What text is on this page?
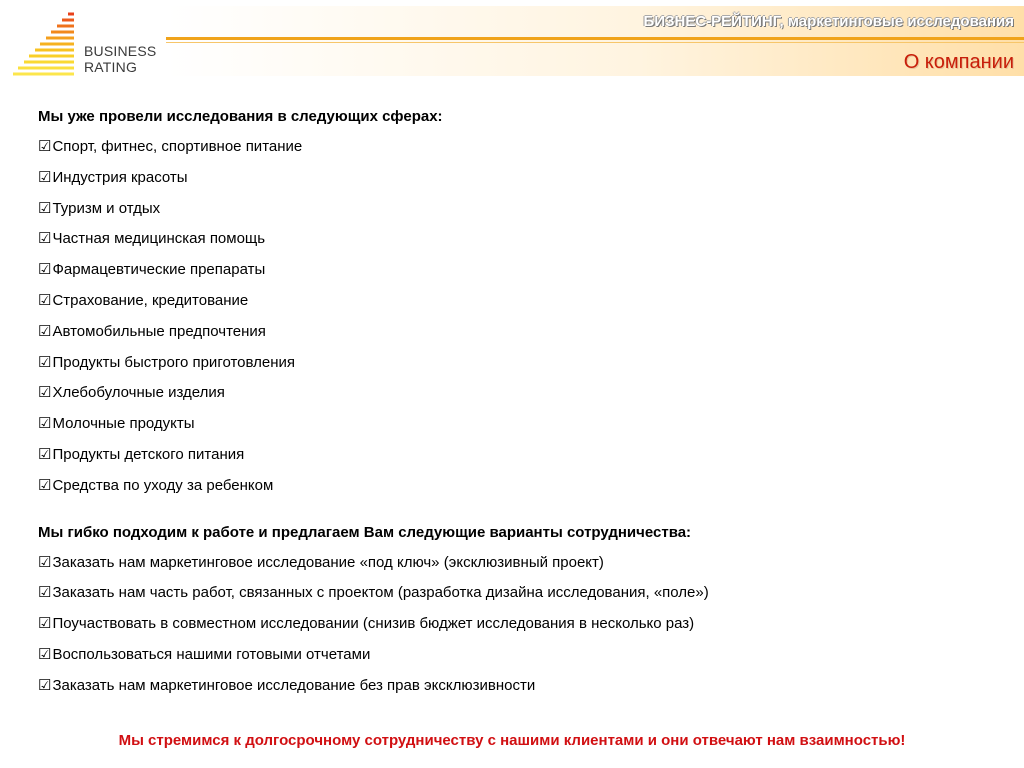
BUSINESS
RATING
БИЗНЕС-РЕЙТИНГ, маркетинговые исследования
О компании
Мы уже провели исследования в следующих сферах:
☑Спорт, фитнес, спортивное питание
☑Индустрия красоты
☑Туризм и отдых
☑Частная медицинская помощь
☑Фармацевтические препараты
☑Страхование, кредитование
☑Автомобильные предпочтения
☑Продукты быстрого приготовления
☑Хлебобулочные изделия
☑Молочные продукты
☑Продукты детского питания
☑Средства по уходу за ребенком
Мы гибко подходим к работе и предлагаем Вам следующие варианты сотрудничества:
☑Заказать нам маркетинговое исследование «под ключ» (эксклюзивный проект)
☑Заказать нам часть работ, связанных с проектом (разработка дизайна исследования, «поле»)
☑Поучаствовать в совместном исследовании (снизив бюджет исследования в несколько раз)
☑Воспользоваться нашими готовыми отчетами
☑Заказать нам маркетинговое исследование без прав эксклюзивности
Мы стремимся к долгосрочному сотрудничеству с нашими клиентами и они отвечают нам взаимностью!
